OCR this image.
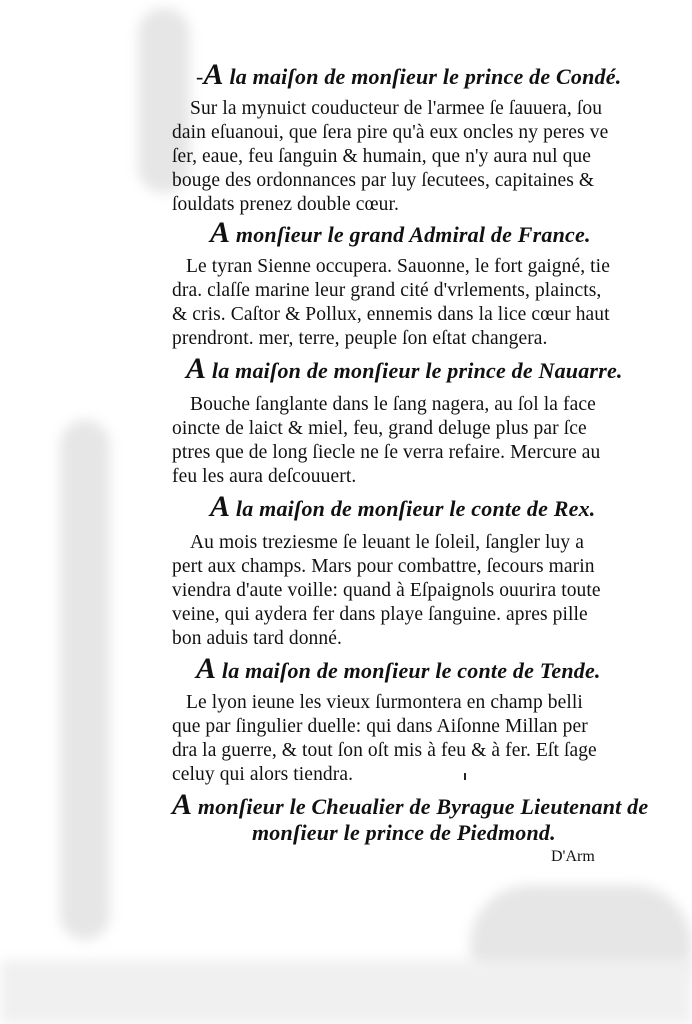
-A la maiſon de monſieur le prince de Condé.

Sur la mynuict couducteur de l'armee ſe ſauuera, ſou

dain eſuanoui, que ſera pire qu'à eux oncles ny peres ve

ſer, eaue, feu ſanguin & humain, que n'y aura nul que

bouge des ordonnances par luy ſecutees, capitaines &

ſouldats prenez double cœur.

A monſieur le grand Admiral de France.

Le tyran Sienne occupera. Sauonne, le fort gaigné, tie

dra. claſſe marine leur grand cité d'vrlements, plaincts,

& cris. Caſtor & Pollux, ennemis dans la lice cœur haut

prendront. mer, terre, peuple ſon eſtat changera.

A la maiſon de monſieur le prince de Nauarre.

Bouche ſanglante dans le ſang nagera, au ſol la face

oincte de laict & miel, feu, grand deluge plus par ſce

ptres que de long ſiecle ne ſe verra refaire. Mercure au

feu les aura deſcouuert.

A la maiſon de monſieur le conte de Rex.

Au mois treziesme ſe leuant le ſoleil, ſangler luy a

pert aux champs. Mars pour combattre, ſecours marin

viendra d'aute voille: quand à Eſpaignols ouurira toute

veine, qui aydera fer dans playe ſanguine. apres pille

bon aduis tard donné.

A la maiſon de monſieur le conte de Tende.

Le lyon ieune les vieux ſurmontera en champ belli

que par ſingulier duelle: qui dans Aiſonne Millan per

dra la guerre, & tout ſon oſt mis à feu & à fer. Eſt ſage

celuy qui alors tiendra.

A monſieur le Cheualier de Byrague Lieutenant de

monſieur le prince de Piedmond.

D'Arm
